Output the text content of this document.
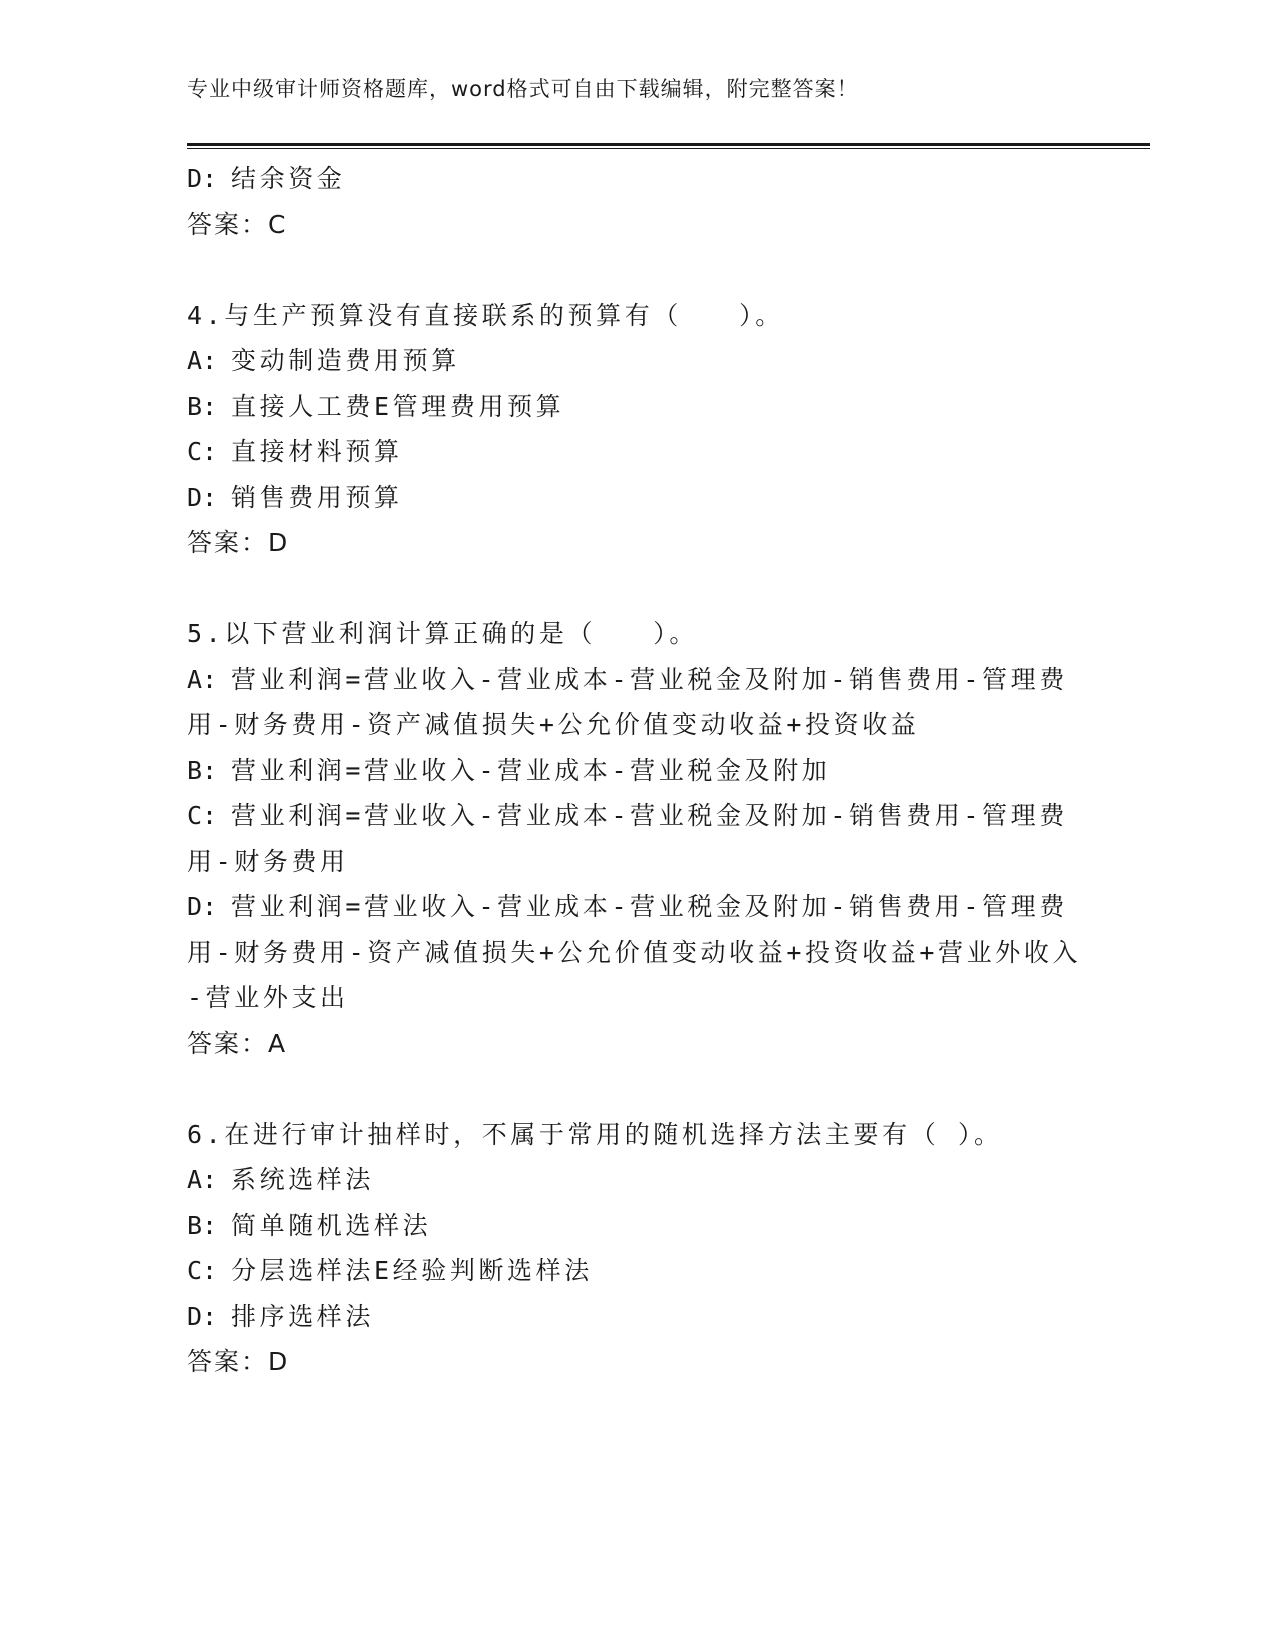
专业中级审计师资格题库，word格式可自由下载编辑，附完整答案！
D: 结余资金
答案：C
4.与生产预算没有直接联系的预算有（　　）。
A: 变动制造费用预算
B: 直接人工费E管理费用预算
C: 直接材料预算
D: 销售费用预算
答案：D
5.以下营业利润计算正确的是（　　）。
A: 营业利润=营业收入-营业成本-营业税金及附加-销售费用-管理费
用-财务费用-资产减值损失+公允价值变动收益+投资收益
B: 营业利润=营业收入-营业成本-营业税金及附加
C: 营业利润=营业收入-营业成本-营业税金及附加-销售费用-管理费
用-财务费用
D: 营业利润=营业收入-营业成本-营业税金及附加-销售费用-管理费
用-财务费用-资产减值损失+公允价值变动收益+投资收益+营业外收入
-营业外支出
答案：A
6.在进行审计抽样时，不属于常用的随机选择方法主要有（ ）。
A: 系统选样法
B: 简单随机选样法
C: 分层选样法E经验判断选样法
D: 排序选样法
答案：D
